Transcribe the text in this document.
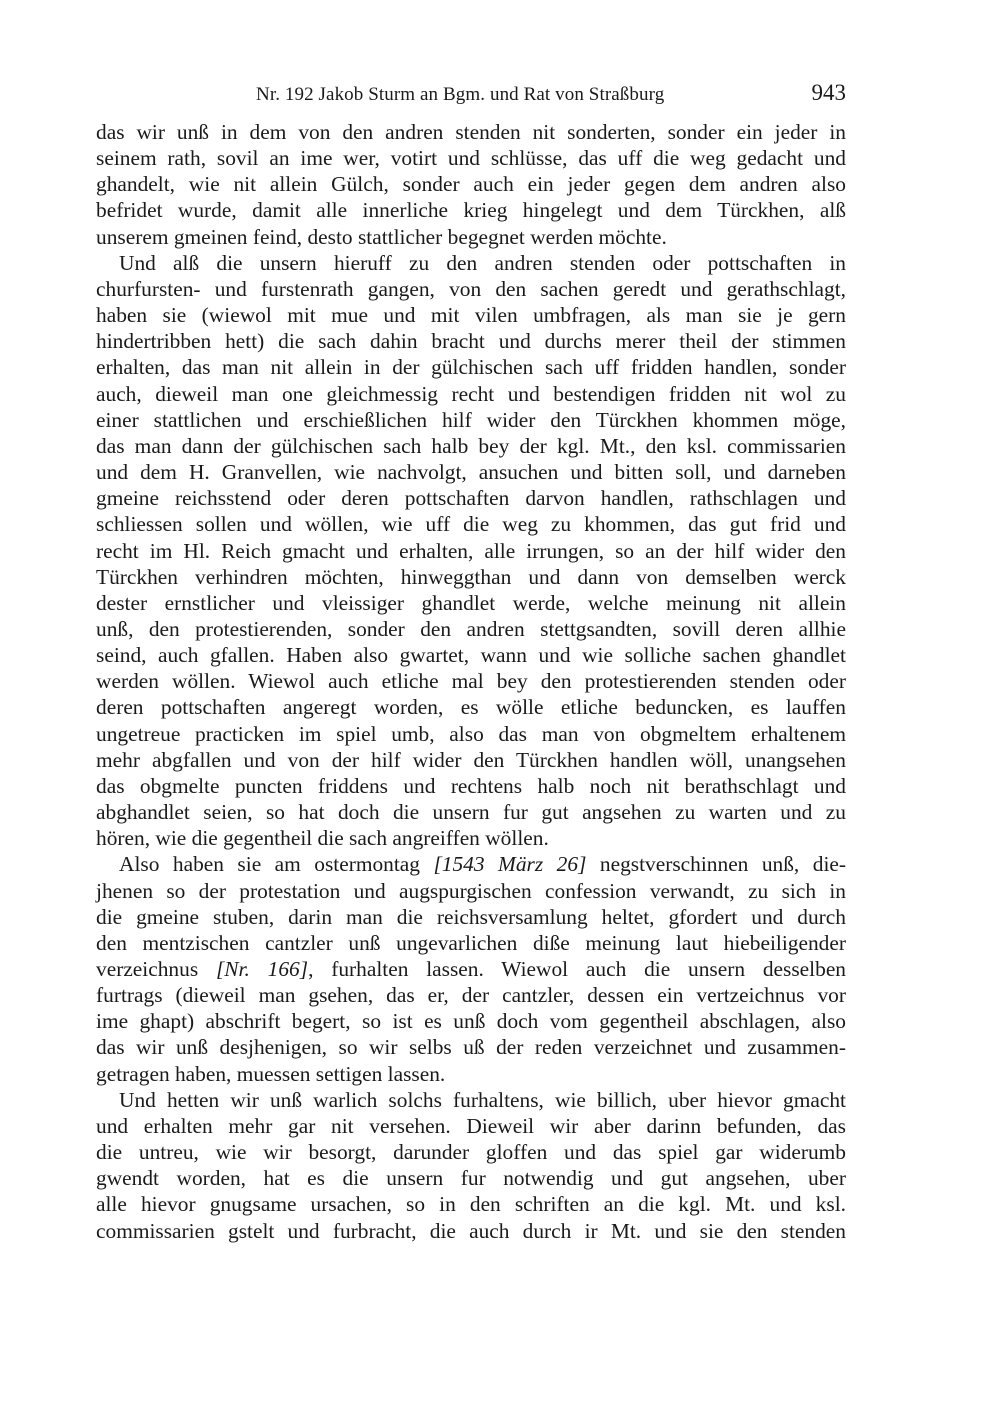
Nr. 192 Jakob Sturm an Bgm. und Rat von Straßburg	943
das wir unß in dem von den andren stenden nit sonderten, sonder ein jeder in
seinem rath, sovil an ime wer, votirt und schlüsse, das uff die weg gedacht und
ghandelt, wie nit allein Gülch, sonder auch ein jeder gegen dem andren also
befridet wurde, damit alle innerliche krieg hingelegt und dem Türckhen, alß
unserem gmeinen feind, desto stattlicher begegnet werden möchte.
Und alß die unsern hieruff zu den andren stenden oder pottschaften in
churfursten- und furstenrath gangen, von den sachen geredt und gerathschlagt,
haben sie (wiewol mit mue und mit vilen umbfragen, als man sie je gern
hindertribben hett) die sach dahin bracht und durchs merer theil der stimmen
erhalten, das man nit allein in der gülchischen sach uff fridden handlen, sonder
auch, dieweil man one gleichmessig recht und bestendigen fridden nit wol zu
einer stattlichen und erschießlichen hilf wider den Türckhen khommen möge,
das man dann der gülchischen sach halb bey der kgl. Mt., den ksl. commissarien
und dem H. Granvellen, wie nachvolgt, ansuchen und bitten soll, und darneben
gmeine reichsstend oder deren pottschaften darvon handlen, rathschlagen und
schliessen sollen und wöllen, wie uff die weg zu khommen, das gut frid und
recht im Hl. Reich gmacht und erhalten, alle irrungen, so an der hilf wider den
Türckhen verhindren möchten, hinweggthan und dann von demselben werck
dester ernstlicher und vleissiger ghandlet werde, welche meinung nit allein
unß, den protestierenden, sonder den andren stettgsandten, sovill deren allhie
seind, auch gfallen. Haben also gwartet, wann und wie solliche sachen ghandlet
werden wöllen. Wiewol auch etliche mal bey den protestierenden stenden oder
deren pottschaften angeregt worden, es wölle etliche beduncken, es lauffen
ungetreue practicken im spiel umb, also das man von obgmeltem erhaltenem
mehr abgfallen und von der hilf wider den Türckhen handlen wöll, unangsehen
das obgmelte puncten friddens und rechtens halb noch nit berathschlagt und
abghandlet seien, so hat doch die unsern fur gut angsehen zu warten und zu
hören, wie die gegentheil die sach angreiffen wöllen.
Also haben sie am ostermontag [1543 März 26] negstverschinnen unß, die-
jhenen so der protestation und augspurgischen confession verwandt, zu sich in
die gmeine stuben, darin man die reichsversamlung heltet, gfordert und durch
den mentzischen cantzler unß ungevarlichen diße meinung laut hiebeiligender
verzeichnus [Nr. 166], furhalten lassen. Wiewol auch die unsern desselben
furtrags (dieweil man gsehen, das er, der cantzler, dessen ein vertzeichnus vor
ime ghapt) abschrift begert, so ist es unß doch vom gegentheil abschlagen, also
das wir unß desjhenigen, so wir selbs uß der reden verzeichnet und zusammen-
getragen haben, muessen settigen lassen.
Und hetten wir unß warlich solchs furhaltens, wie billich, uber hievor gmacht
und erhalten mehr gar nit versehen. Dieweil wir aber darinn befunden, das
die untreu, wie wir besorgt, darunder gloffen und das spiel gar widerumb
gwendt worden, hat es die unsern fur notwendig und gut angsehen, uber
alle hievor gnugsame ursachen, so in den schriften an die kgl. Mt. und ksl.
commissarien gstelt und furbracht, die auch durch ir Mt. und sie den stenden
